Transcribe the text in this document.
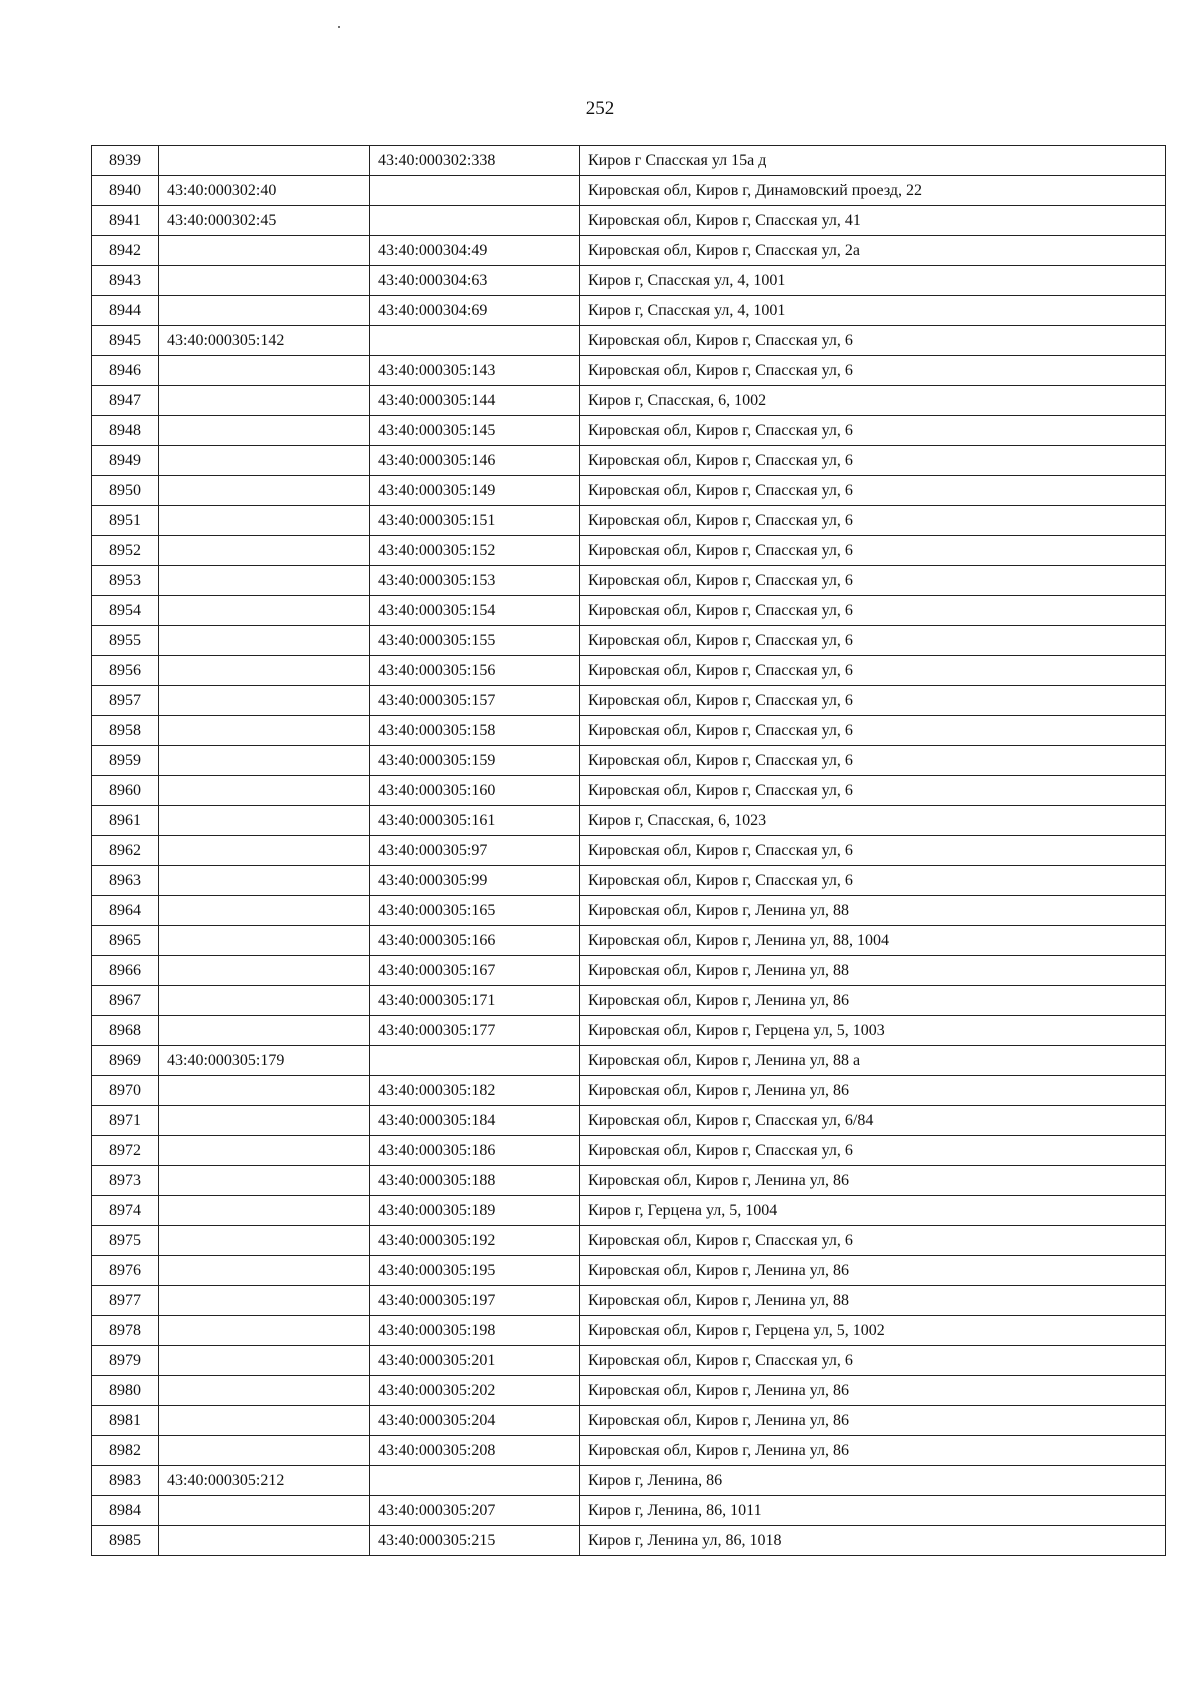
252
8939		43:40:000302:338	Киров г Спасская ул 15а д
8940	43:40:000302:40		Кировская обл, Киров г, Динамовский проезд, 22
8941	43:40:000302:45		Кировская обл, Киров г, Спасская ул, 41
8942		43:40:000304:49	Кировская обл, Киров г, Спасская ул, 2а
8943		43:40:000304:63	Киров г, Спасская ул, 4, 1001
8944		43:40:000304:69	Киров г, Спасская ул, 4, 1001
8945	43:40:000305:142		Кировская обл, Киров г, Спасская ул, 6
8946		43:40:000305:143	Кировская обл, Киров г, Спасская ул, 6
8947		43:40:000305:144	Киров г, Спасская, 6, 1002
8948		43:40:000305:145	Кировская обл, Киров г, Спасская ул, 6
8949		43:40:000305:146	Кировская обл, Киров г, Спасская ул, 6
8950		43:40:000305:149	Кировская обл, Киров г, Спасская ул, 6
8951		43:40:000305:151	Кировская обл, Киров г, Спасская ул, 6
8952		43:40:000305:152	Кировская обл, Киров г, Спасская ул, 6
8953		43:40:000305:153	Кировская обл, Киров г, Спасская ул, 6
8954		43:40:000305:154	Кировская обл, Киров г, Спасская ул, 6
8955		43:40:000305:155	Кировская обл, Киров г, Спасская ул, 6
8956		43:40:000305:156	Кировская обл, Киров г, Спасская ул, 6
8957		43:40:000305:157	Кировская обл, Киров г, Спасская ул, 6
8958		43:40:000305:158	Кировская обл, Киров г, Спасская ул, 6
8959		43:40:000305:159	Кировская обл, Киров г, Спасская ул, 6
8960		43:40:000305:160	Кировская обл, Киров г, Спасская ул, 6
8961		43:40:000305:161	Киров г, Спасская, 6, 1023
8962		43:40:000305:97	Кировская обл, Киров г, Спасская ул, 6
8963		43:40:000305:99	Кировская обл, Киров г, Спасская ул, 6
8964		43:40:000305:165	Кировская обл, Киров г, Ленина ул, 88
8965		43:40:000305:166	Кировская обл, Киров г, Ленина ул, 88, 1004
8966		43:40:000305:167	Кировская обл, Киров г, Ленина ул, 88
8967		43:40:000305:171	Кировская обл, Киров г, Ленина ул, 86
8968		43:40:000305:177	Кировская обл, Киров г, Герцена ул, 5, 1003
8969	43:40:000305:179		Кировская обл, Киров г, Ленина ул, 88 а
8970		43:40:000305:182	Кировская обл, Киров г, Ленина ул, 86
8971		43:40:000305:184	Кировская обл, Киров г, Спасская ул, 6/84
8972		43:40:000305:186	Кировская обл, Киров г, Спасская ул, 6
8973		43:40:000305:188	Кировская обл, Киров г, Ленина ул, 86
8974		43:40:000305:189	Киров г, Герцена ул, 5, 1004
8975		43:40:000305:192	Кировская обл, Киров г, Спасская ул, 6
8976		43:40:000305:195	Кировская обл, Киров г, Ленина ул, 86
8977		43:40:000305:197	Кировская обл, Киров г, Ленина ул, 88
8978		43:40:000305:198	Кировская обл, Киров г, Герцена ул, 5, 1002
8979		43:40:000305:201	Кировская обл, Киров г, Спасская ул, 6
8980		43:40:000305:202	Кировская обл, Киров г, Ленина ул, 86
8981		43:40:000305:204	Кировская обл, Киров г, Ленина ул, 86
8982		43:40:000305:208	Кировская обл, Киров г, Ленина ул, 86
8983	43:40:000305:212		Киров г, Ленина, 86
8984		43:40:000305:207	Киров г, Ленина, 86, 1011
8985		43:40:000305:215	Киров г, Ленина ул, 86, 1018
